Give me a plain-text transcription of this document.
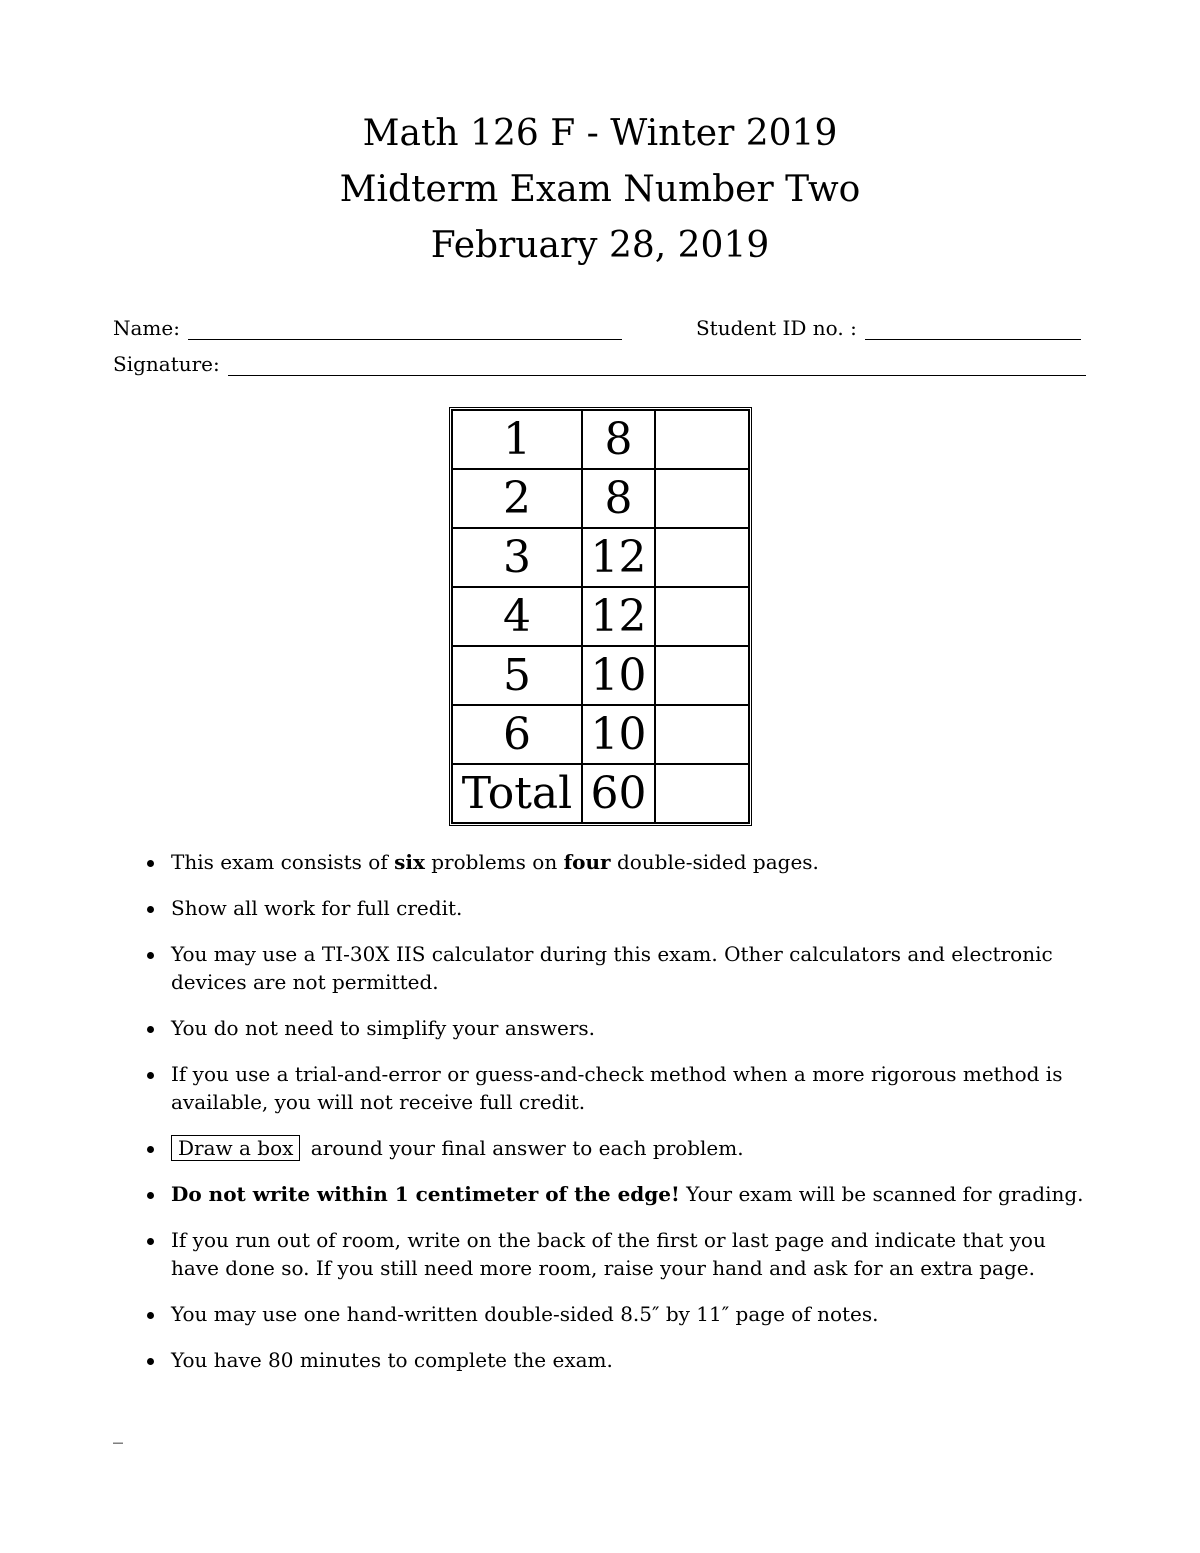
Math 126 F - Winter 2019

Midterm Exam Number Two

February 28, 2019

Name:	Student ID no. :
Signature:
1	8	
2	8	
3	12	
4	12	
5	10	
6	10	
Total	60	
This exam consists of six problems on four double-sided pages.
Show all work for full credit.
You may use a TI-30X IIS calculator during this exam. Other calculators and electronic devices are not permitted.
You do not need to simplify your answers.
If you use a trial-and-error or guess-and-check method when a more rigorous method is available, you will not receive full credit.
Draw a box around your final answer to each problem.
Do not write within 1 centimeter of the edge! Your exam will be scanned for grading.
If you run out of room, write on the back of the first or last page and indicate that you have done so. If you still need more room, raise your hand and ask for an extra page.
You may use one hand-written double-sided 8.5″ by 11″ page of notes.
You have 80 minutes to complete the exam.
_
